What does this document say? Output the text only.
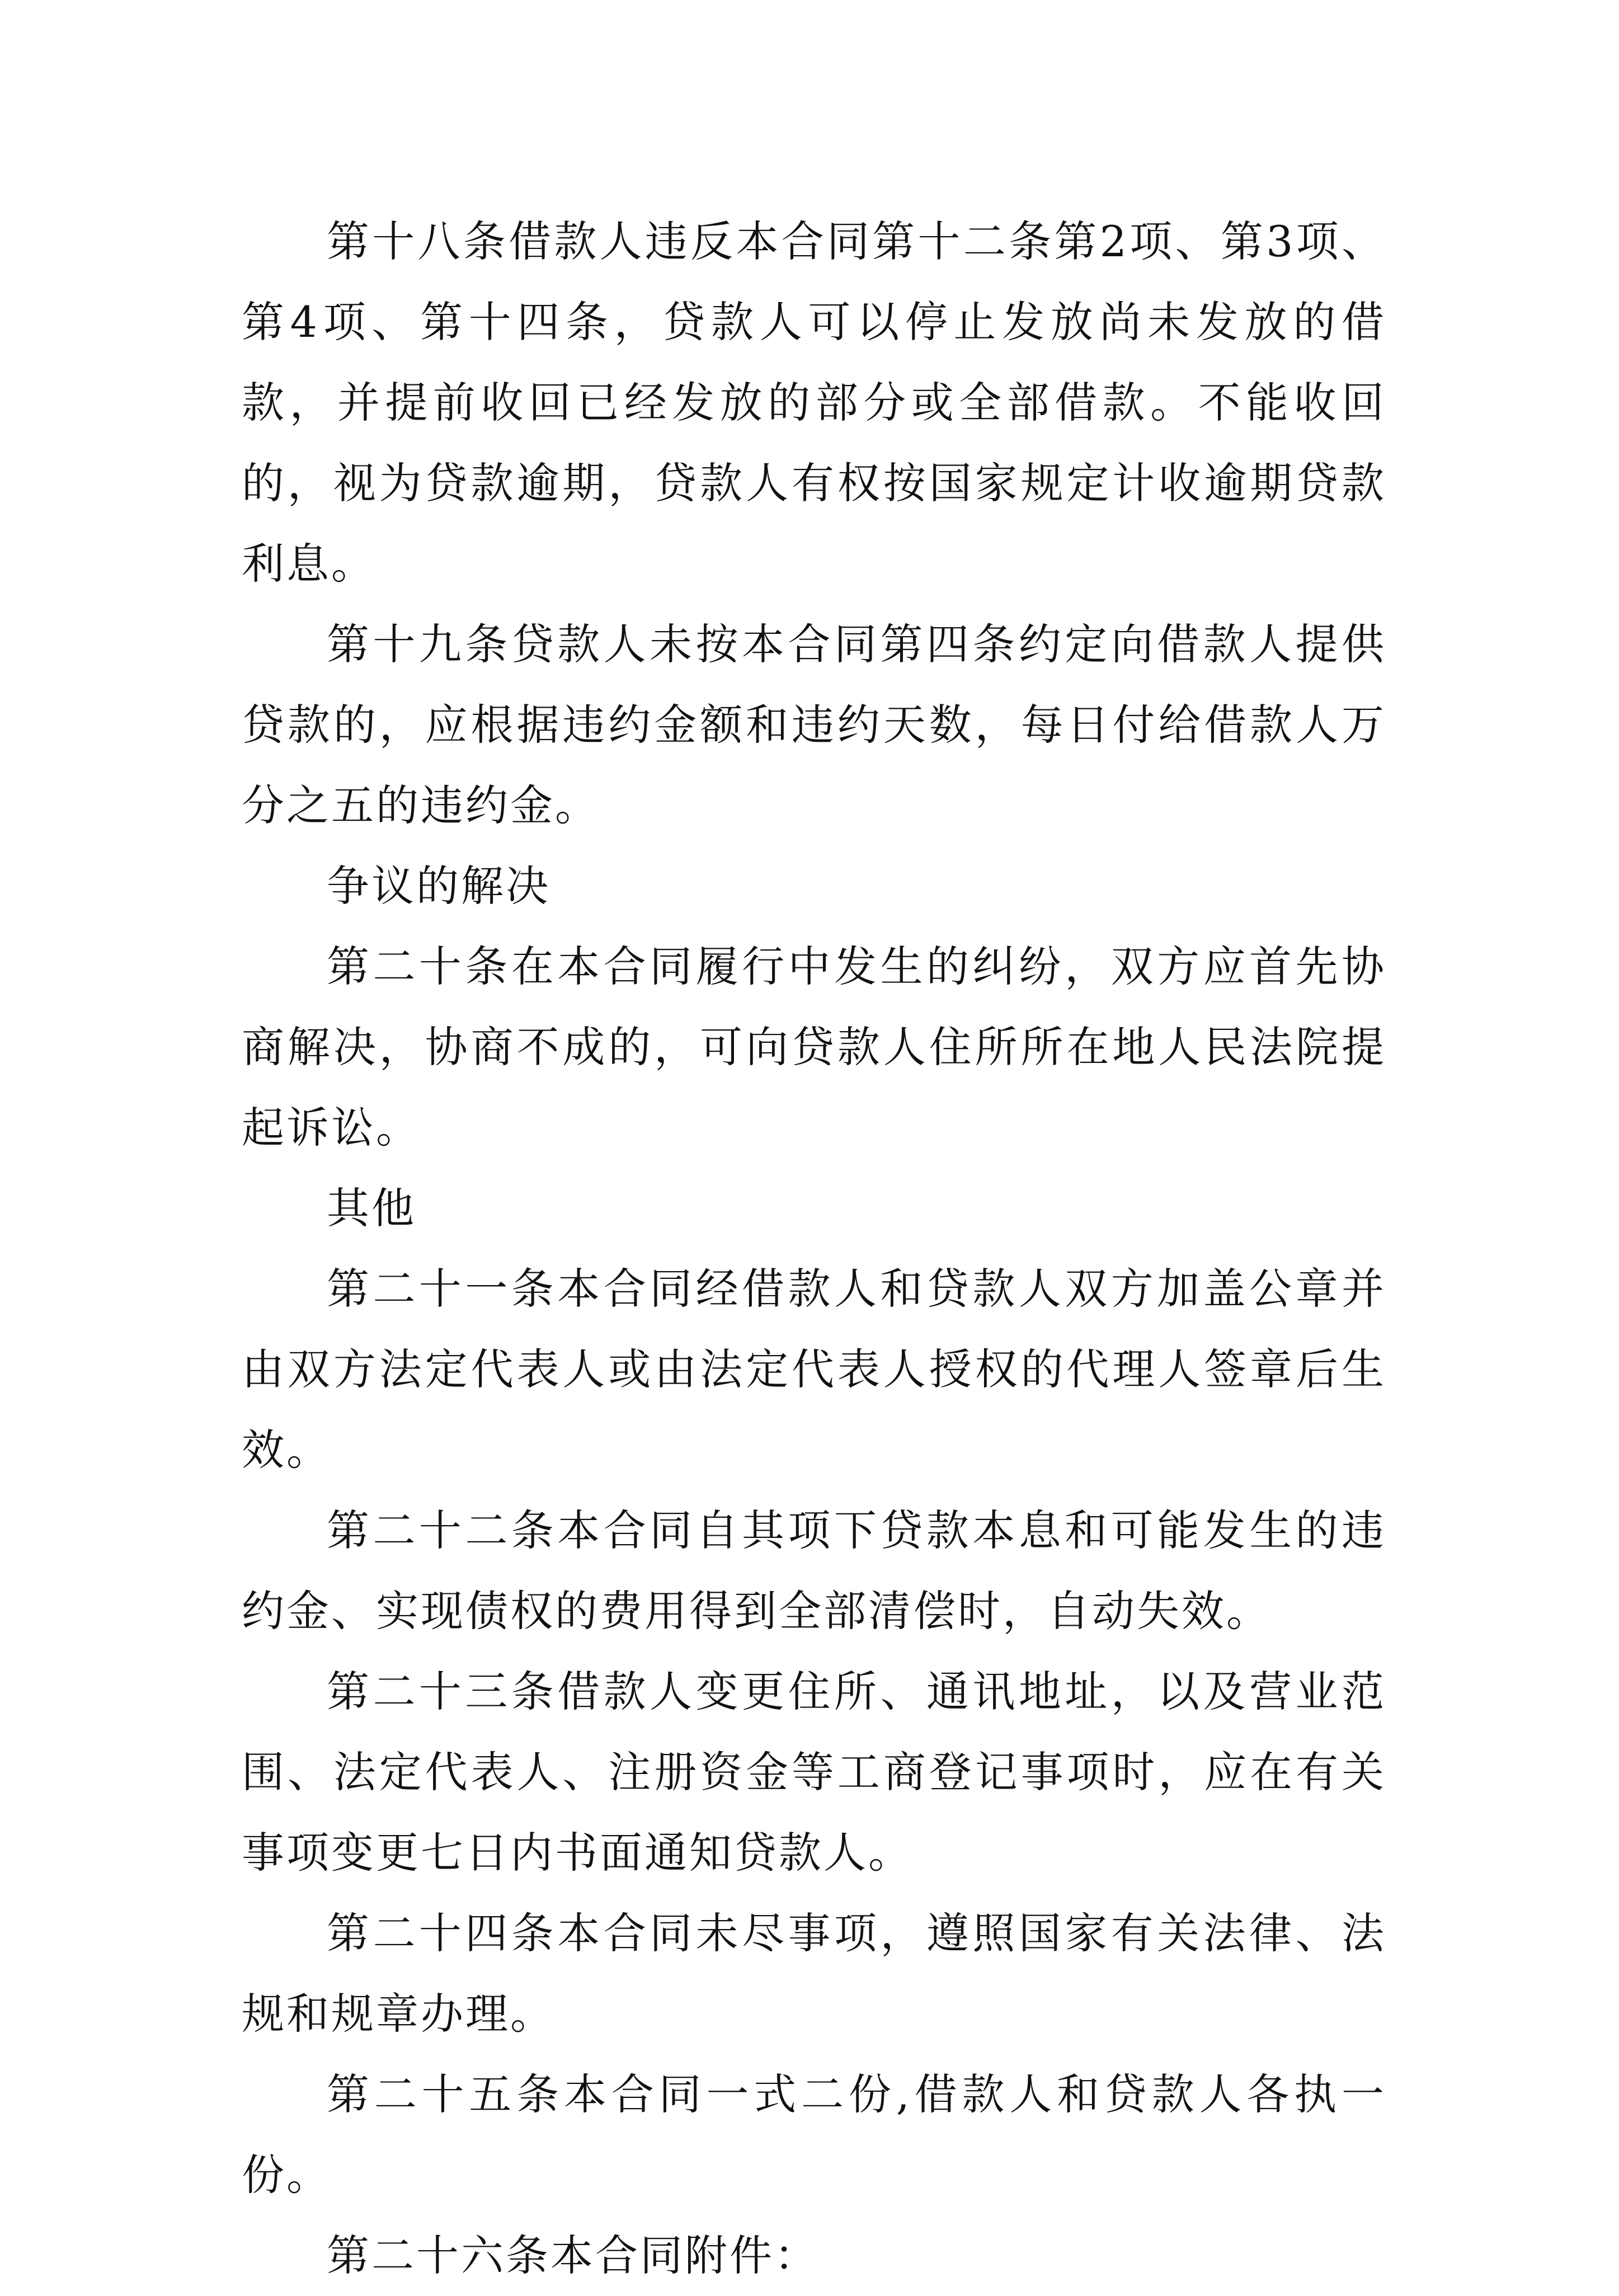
第十八条借款人违反本合同第十二条第2项、第3项、第4项、第十四条，贷款人可以停止发放尚未发放的借款，并提前收回已经发放的部分或全部借款。不能收回的，视为贷款逾期，贷款人有权按国家规定计收逾期贷款利息。

第十九条贷款人未按本合同第四条约定向借款人提供贷款的，应根据违约金额和违约天数，每日付给借款人万分之五的违约金。

争议的解决

第二十条在本合同履行中发生的纠纷，双方应首先协商解决，协商不成的，可向贷款人住所所在地人民法院提起诉讼。

其他

第二十一条本合同经借款人和贷款人双方加盖公章并由双方法定代表人或由法定代表人授权的代理人签章后生效。

第二十二条本合同自其项下贷款本息和可能发生的违约金、实现债权的费用得到全部清偿时，自动失效。

第二十三条借款人变更住所、通讯地址，以及营业范围、法定代表人、注册资金等工商登记事项时，应在有关事项变更七日内书面通知贷款人。

第二十四条本合同未尽事项，遵照国家有关法律、法规和规章办理。

第二十五条本合同一式二份,借款人和贷款人各执一份。

第二十六条本合同附件：
